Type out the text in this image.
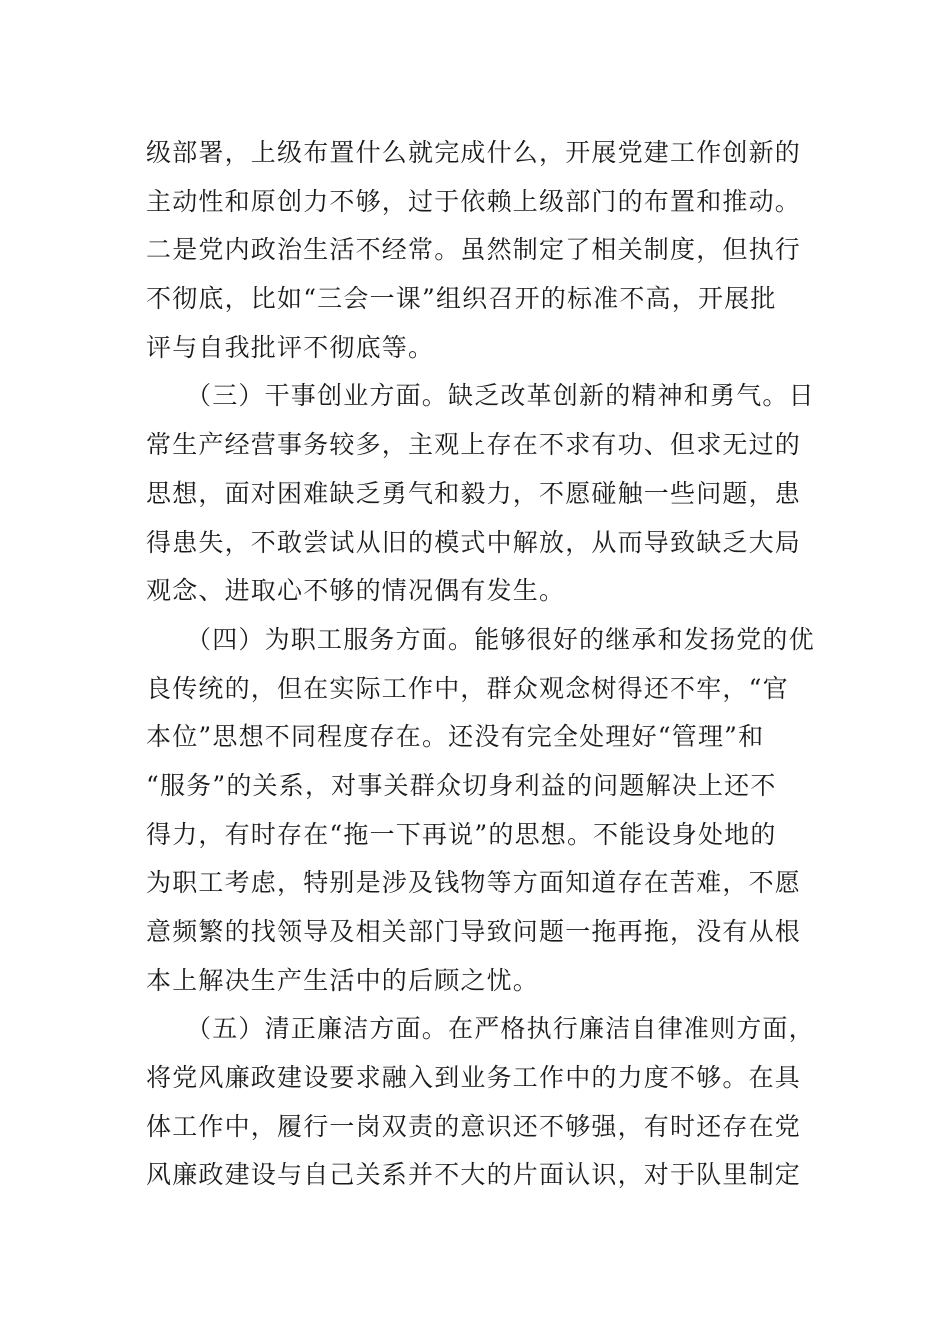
级部署，上级布置什么就完成什么，开展党建工作创新的
主动性和原创力不够，过于依赖上级部门的布置和推动。
二是党内政治生活不经常。虽然制定了相关制度，但执行
不彻底，比如“三会一课”组织召开的标准不高，开展批
评与自我批评不彻底等。
（三）干事创业方面。缺乏改革创新的精神和勇气。日
常生产经营事务较多，主观上存在不求有功、但求无过的
思想，面对困难缺乏勇气和毅力，不愿碰触一些问题，患
得患失，不敢尝试从旧的模式中解放，从而导致缺乏大局
观念、进取心不够的情况偶有发生。
（四）为职工服务方面。能够很好的继承和发扬党的优
良传统的，但在实际工作中，群众观念树得还不牢，“官
本位”思想不同程度存在。还没有完全处理好“管理”和
“服务”的关系，对事关群众切身利益的问题解决上还不
得力，有时存在“拖一下再说”的思想。不能设身处地的
为职工考虑，特别是涉及钱物等方面知道存在苦难，不愿
意频繁的找领导及相关部门导致问题一拖再拖，没有从根
本上解决生产生活中的后顾之忧。
（五）清正廉洁方面。在严格执行廉洁自律准则方面，
将党风廉政建设要求融入到业务工作中的力度不够。在具
体工作中，履行一岗双责的意识还不够强，有时还存在党
风廉政建设与自己关系并不大的片面认识，对于队里制定
